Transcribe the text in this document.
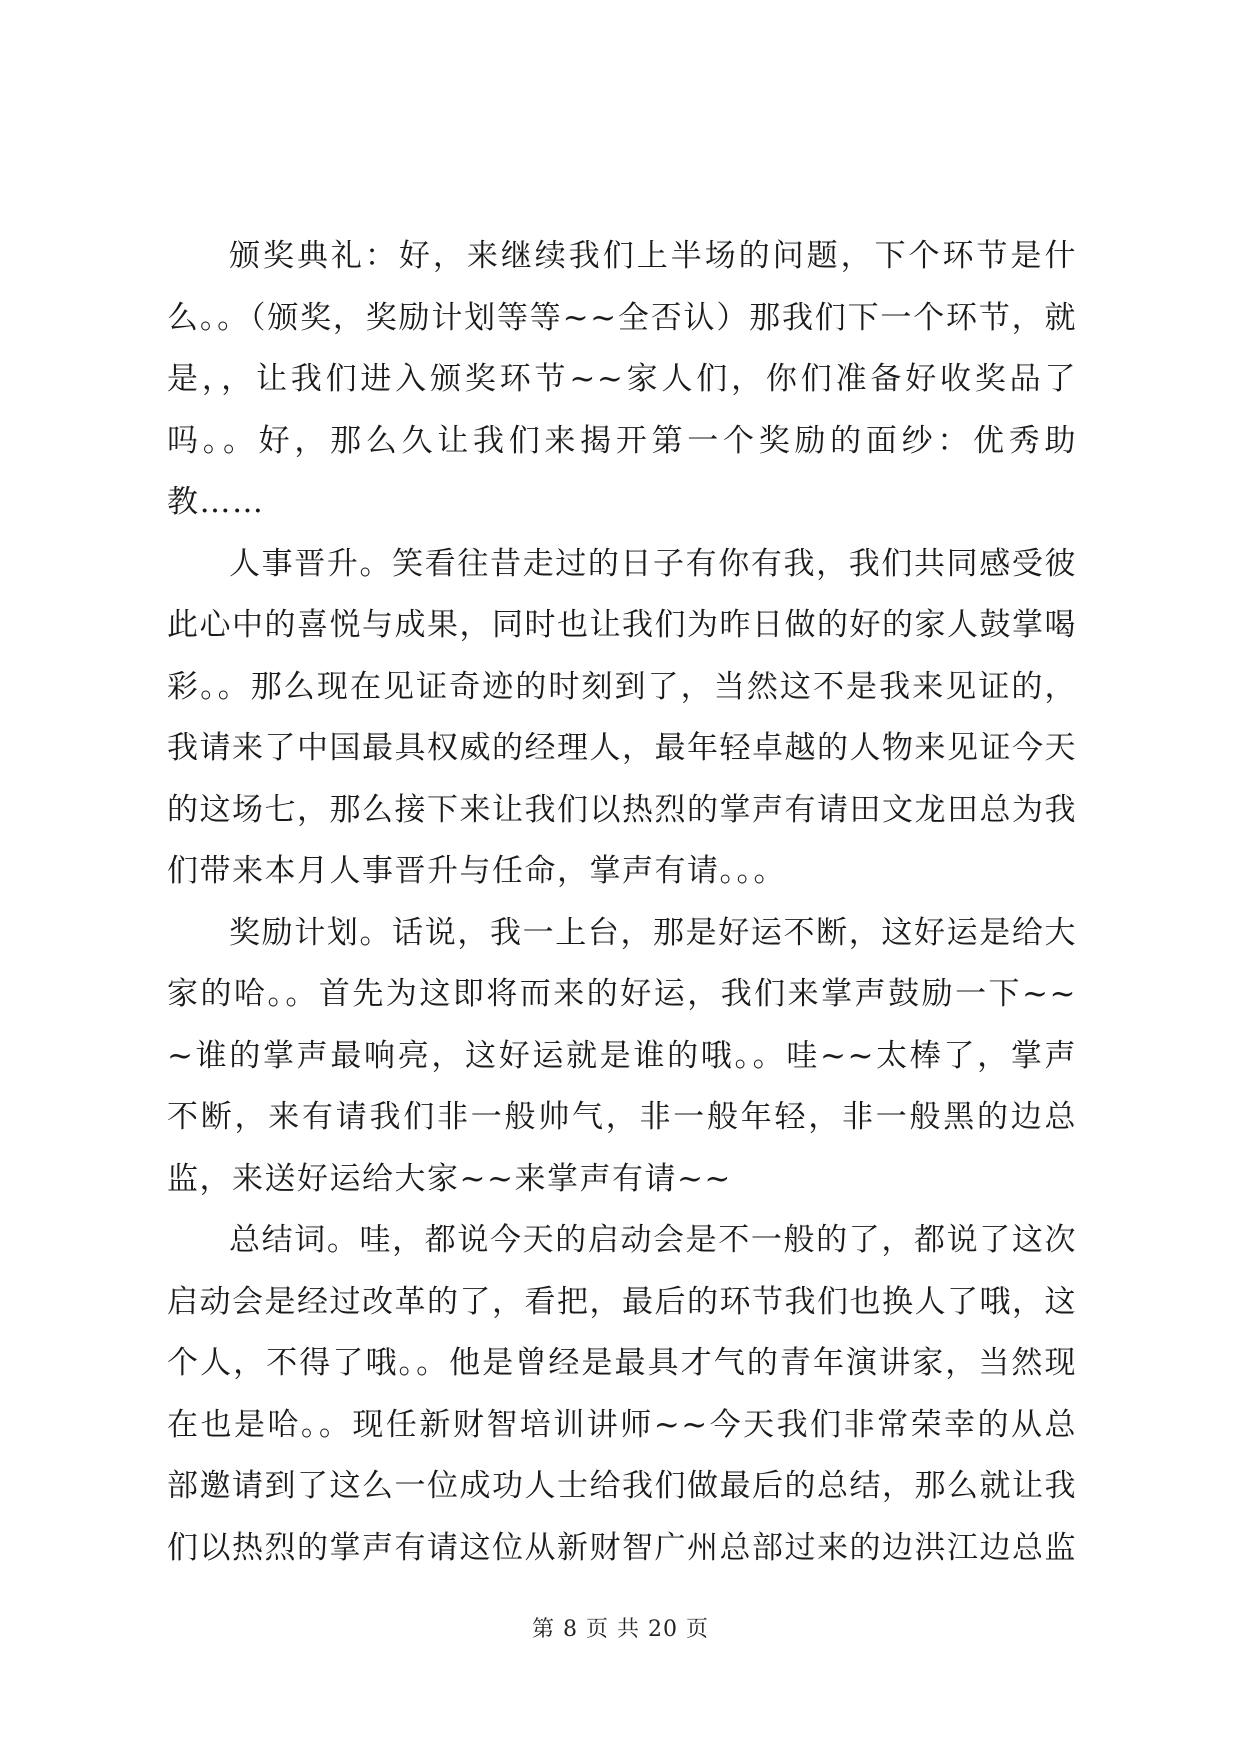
颁奖典礼：好，来继续我们上半场的问题，下个环节是什么。。（颁奖，奖励计划等等~~全否认）那我们下一个环节，就是，，让我们进入颁奖环节~~家人们，你们准备好收奖品了吗。。好，那么久让我们来揭开第一个奖励的面纱：优秀助教……

人事晋升。笑看往昔走过的日子有你有我，我们共同感受彼此心中的喜悦与成果，同时也让我们为昨日做的好的家人鼓掌喝彩。。那么现在见证奇迹的时刻到了，当然这不是我来见证的，我请来了中国最具权威的经理人，最年轻卓越的人物来见证今天的这场七，那么接下来让我们以热烈的掌声有请田文龙田总为我们带来本月人事晋升与任命，掌声有请。。。

奖励计划。话说，我一上台，那是好运不断，这好运是给大家的哈。。首先为这即将而来的好运，我们来掌声鼓励一下~~~谁的掌声最响亮，这好运就是谁的哦。。哇~~太棒了，掌声不断，来有请我们非一般帅气，非一般年轻，非一般黑的边总监，来送好运给大家~~来掌声有请~~

总结词。哇，都说今天的启动会是不一般的了，都说了这次启动会是经过改革的了，看把，最后的环节我们也换人了哦，这个人，不得了哦。。他是曾经是最具才气的青年演讲家，当然现在也是哈。。现任新财智培训讲师~~今天我们非常荣幸的从总部邀请到了这么一位成功人士给我们做最后的总结，那么就让我们以热烈的掌声有请这位从新财智广州总部过来的边洪江边总监

第 8 页 共 20 页
